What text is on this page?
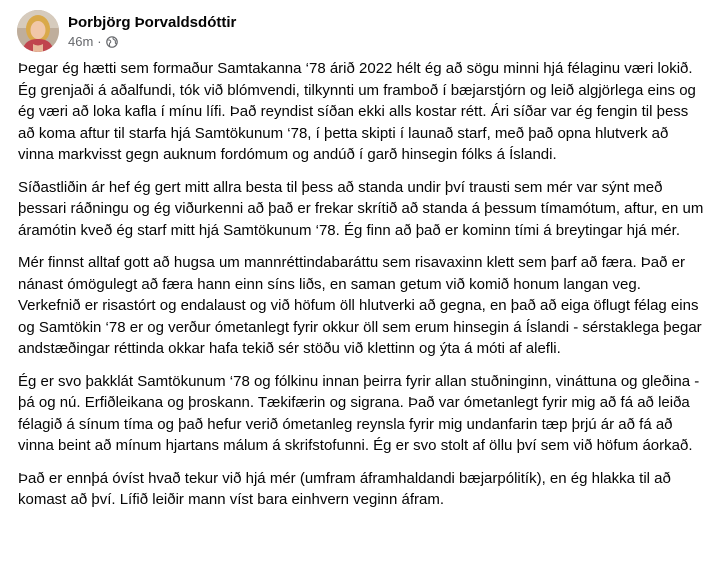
Þorbjörg Þorvaldsdóttir
46m ·

Þegar ég hætti sem formaður Samtakanna ‘78 árið 2022 hélt ég að sögu minni hjá félaginu væri lokið. Ég grenjaði á aðalfundi, tók við blómvendi, tilkynnti um framboð í bæjarstjórn og leið algjörlega eins og ég væri að loka kafla í mínu lífi. Það reyndist síðan ekki alls kostar rétt. Ári síðar var ég fengin til þess að koma aftur til starfa hjá Samtökunum ‘78, í þetta skipti í launað starf, með það opna hlutverk að vinna markvisst gegn auknum fordómum og andúð í garð hinsegin fólks á Íslandi.

Síðastliðin ár hef ég gert mitt allra besta til þess að standa undir því trausti sem mér var sýnt með þessari ráðningu og ég viðurkenni að það er frekar skrítið að standa á þessum tímamótum, aftur, en um áramótin kveð ég starf mitt hjá Samtökunum ‘78. Ég finn að það er kominn tími á breytingar hjá mér.

Mér finnst alltaf gott að hugsa um mannréttindabaráttu sem risavaxinn klett sem þarf að færa. Það er nánast ómögulegt að færa hann einn síns liðs, en saman getum við komið honum langan veg. Verkefnið er risastórt og endalaust og við höfum öll hlutverki að gegna, en það að eiga öflugt félag eins og Samtökin ‘78 er og verður ómetanlegt fyrir okkur öll sem erum hinsegin á Íslandi - sérstaklega þegar andstæðingar réttinda okkar hafa tekið sér stöðu við klettinn og ýta á móti af alefli.

Ég er svo þakklát Samtökunum ‘78 og fólkinu innan þeirra fyrir allan stuðninginn, vináttuna og gleðina - þá og nú. Erfiðleikana og þroskann. Tækifærin og sigrana. Það var ómetanlegt fyrir mig að fá að leiða félagið á sínum tíma og það hefur verið ómetanleg reynsla fyrir mig undanfarin tæp þrjú ár að fá að vinna beint að mínum hjartans málum á skrifstofunni. Ég er svo stolt af öllu því sem við höfum áorkað.

Það er ennþá óvíst hvað tekur við hjá mér (umfram áframhaldandi bæjarpólitík), en ég hlakka til að komast að því. Lífið leiðir mann víst bara einhvern veginn áfram.
